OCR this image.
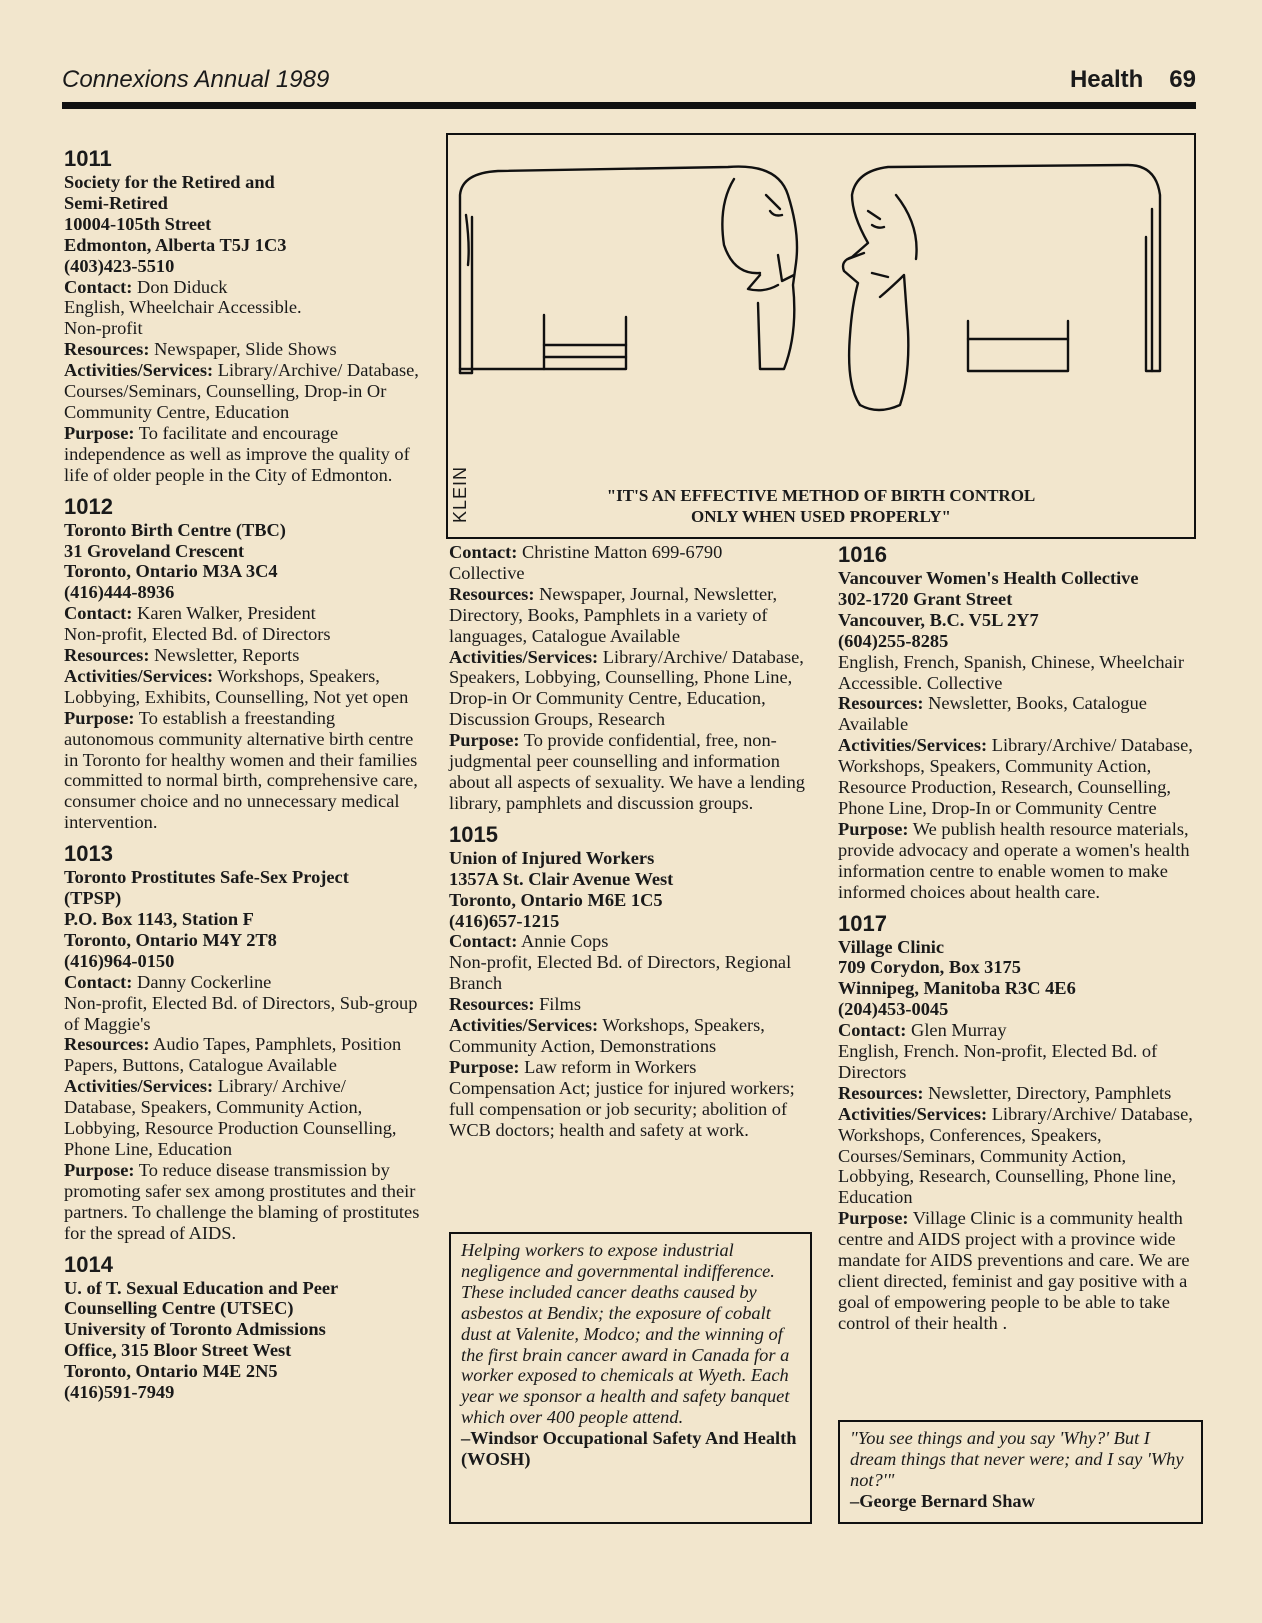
Connexions Annual 1989	Health 69
1011
Society for the Retired and
Semi-Retired
10004-105th Street
Edmonton, Alberta T5J 1C3
(403)423-5510
Contact: Don Diduck
English, Wheelchair Accessible.
Non-profit
Resources: Newspaper, Slide Shows
Activities/Services: Library/Archive/ Database, Courses/Seminars, Counselling, Drop-in Or Community Centre, Education
Purpose: To facilitate and encourage independence as well as improve the quality of life of older people in the City of Edmonton.
1012
Toronto Birth Centre (TBC)
31 Groveland Crescent
Toronto, Ontario M3A 3C4
(416)444-8936
Contact: Karen Walker, President
Non-profit, Elected Bd. of Directors
Resources: Newsletter, Reports
Activities/Services: Workshops, Speakers, Lobbying, Exhibits, Counselling, Not yet open
Purpose: To establish a freestanding autonomous community alternative birth centre in Toronto for healthy women and their families committed to normal birth, comprehensive care, consumer choice and no unnecessary medical intervention.
1013
Toronto Prostitutes Safe-Sex Project
(TPSP)
P.O. Box 1143, Station F
Toronto, Ontario M4Y 2T8
(416)964-0150
Contact: Danny Cockerline
Non-profit, Elected Bd. of Directors, Sub-group of Maggie's
Resources: Audio Tapes, Pamphlets, Position Papers, Buttons, Catalogue Available
Activities/Services: Library/ Archive/ Database, Speakers, Community Action, Lobbying, Resource Production Counselling, Phone Line, Education
Purpose: To reduce disease transmission by promoting safer sex among prostitutes and their partners. To challenge the blaming of prostitutes for the spread of AIDS.
1014
U. of T. Sexual Education and Peer
Counselling Centre (UTSEC)
University of Toronto Admissions
Office, 315 Bloor Street West
Toronto, Ontario M4E 2N5
(416)591-7949
KLEIN	"IT'S AN EFFECTIVE METHOD OF BIRTH CONTROL
ONLY WHEN USED PROPERLY"
Contact: Christine Matton 699-6790
Collective
Resources: Newspaper, Journal, Newsletter, Directory, Books, Pamphlets in a variety of languages, Catalogue Available
Activities/Services: Library/Archive/ Database, Speakers, Lobbying, Counselling, Phone Line, Drop-in Or Community Centre, Education, Discussion Groups, Research
Purpose: To provide confidential, free, non-judgmental peer counselling and information about all aspects of sexuality. We have a lending library, pamphlets and discussion groups.
1015
Union of Injured Workers
1357A St. Clair Avenue West
Toronto, Ontario M6E 1C5
(416)657-1215
Contact: Annie Cops
Non-profit, Elected Bd. of Directors, Regional Branch
Resources: Films
Activities/Services: Workshops, Speakers, Community Action, Demonstrations
Purpose: Law reform in Workers Compensation Act; justice for injured workers; full compensation or job security; abolition of WCB doctors; health and safety at work.
Helping workers to expose industrial negligence and governmental indifference. These included cancer deaths caused by asbestos at Bendix; the exposure of cobalt dust at Valenite, Modco; and the winning of the first brain cancer award in Canada for a worker exposed to chemicals at Wyeth. Each year we sponsor a health and safety banquet which over 400 people attend.
–Windsor Occupational Safety And Health (WOSH)
1016
Vancouver Women's Health Collective
302-1720 Grant Street
Vancouver, B.C. V5L 2Y7
(604)255-8285
English, French, Spanish, Chinese, Wheelchair Accessible. Collective
Resources: Newsletter, Books, Catalogue Available
Activities/Services: Library/Archive/ Database, Workshops, Speakers, Community Action, Resource Production, Research, Counselling, Phone Line, Drop-In or Community Centre
Purpose: We publish health resource materials, provide advocacy and operate a women's health information centre to enable women to make informed choices about health care.
1017
Village Clinic
709 Corydon, Box 3175
Winnipeg, Manitoba R3C 4E6
(204)453-0045
Contact: Glen Murray
English, French. Non-profit, Elected Bd. of Directors
Resources: Newsletter, Directory, Pamphlets
Activities/Services: Library/Archive/ Database, Workshops, Conferences, Speakers, Courses/Seminars, Community Action, Lobbying, Research, Counselling, Phone line, Education
Purpose: Village Clinic is a community health centre and AIDS project with a province wide mandate for AIDS preventions and care. We are client directed, feminist and gay positive with a goal of empowering people to be able to take control of their health .
"You see things and you say 'Why?' But I dream things that never were; and I say 'Why not?'"
–George Bernard Shaw
